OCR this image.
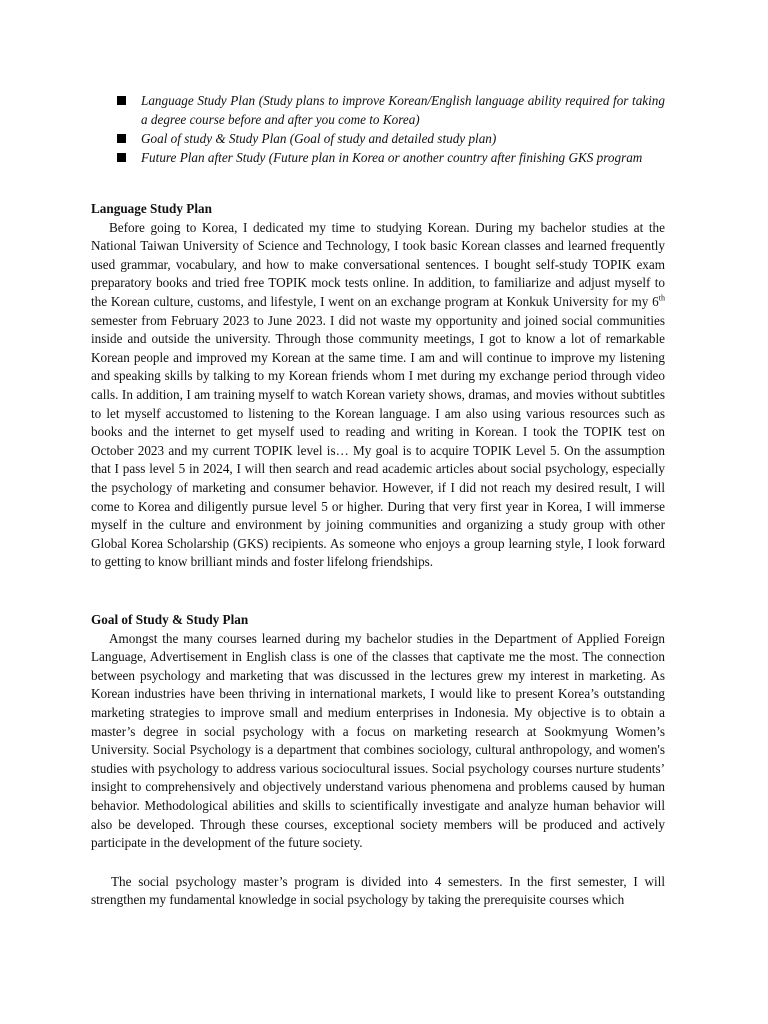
Language Study Plan (Study plans to improve Korean/English language ability required for taking a degree course before and after you come to Korea)
Goal of study & Study Plan (Goal of study and detailed study plan)
Future Plan after Study (Future plan in Korea or another country after finishing GKS program

Language Study Plan

Before going to Korea, I dedicated my time to studying Korean. During my bachelor studies at the National Taiwan University of Science and Technology, I took basic Korean classes and learned frequently used grammar, vocabulary, and how to make conversational sentences. I bought self-study TOPIK exam preparatory books and tried free TOPIK mock tests online. In addition, to familiarize and adjust myself to the Korean culture, customs, and lifestyle, I went on an exchange program at Konkuk University for my 6th semester from February 2023 to June 2023. I did not waste my opportunity and joined social communities inside and outside the university. Through those community meetings, I got to know a lot of remarkable Korean people and improved my Korean at the same time. I am and will continue to improve my listening and speaking skills by talking to my Korean friends whom I met during my exchange period through video calls. In addition, I am training myself to watch Korean variety shows, dramas, and movies without subtitles to let myself accustomed to listening to the Korean language. I am also using various resources such as books and the internet to get myself used to reading and writing in Korean. I took the TOPIK test on October 2023 and my current TOPIK level is… My goal is to acquire TOPIK Level 5. On the assumption that I pass level 5 in 2024, I will then search and read academic articles about social psychology, especially the psychology of marketing and consumer behavior. However, if I did not reach my desired result, I will come to Korea and diligently pursue level 5 or higher. During that very first year in Korea, I will immerse myself in the culture and environment by joining communities and organizing a study group with other Global Korea Scholarship (GKS) recipients. As someone who enjoys a group learning style, I look forward to getting to know brilliant minds and foster lifelong friendships.

Goal of Study & Study Plan

Amongst the many courses learned during my bachelor studies in the Department of Applied Foreign Language, Advertisement in English class is one of the classes that captivate me the most. The connection between psychology and marketing that was discussed in the lectures grew my interest in marketing. As Korean industries have been thriving in international markets, I would like to present Korea’s outstanding marketing strategies to improve small and medium enterprises in Indonesia. My objective is to obtain a master’s degree in social psychology with a focus on marketing research at Sookmyung Women’s University. Social Psychology is a department that combines sociology, cultural anthropology, and women's studies with psychology to address various sociocultural issues. Social psychology courses nurture students’ insight to comprehensively and objectively understand various phenomena and problems caused by human behavior. Methodological abilities and skills to scientifically investigate and analyze human behavior will also be developed. Through these courses, exceptional society members will be produced and actively participate in the development of the future society.

The social psychology master’s program is divided into 4 semesters. In the first semester, I will strengthen my fundamental knowledge in social psychology by taking the prerequisite courses which
